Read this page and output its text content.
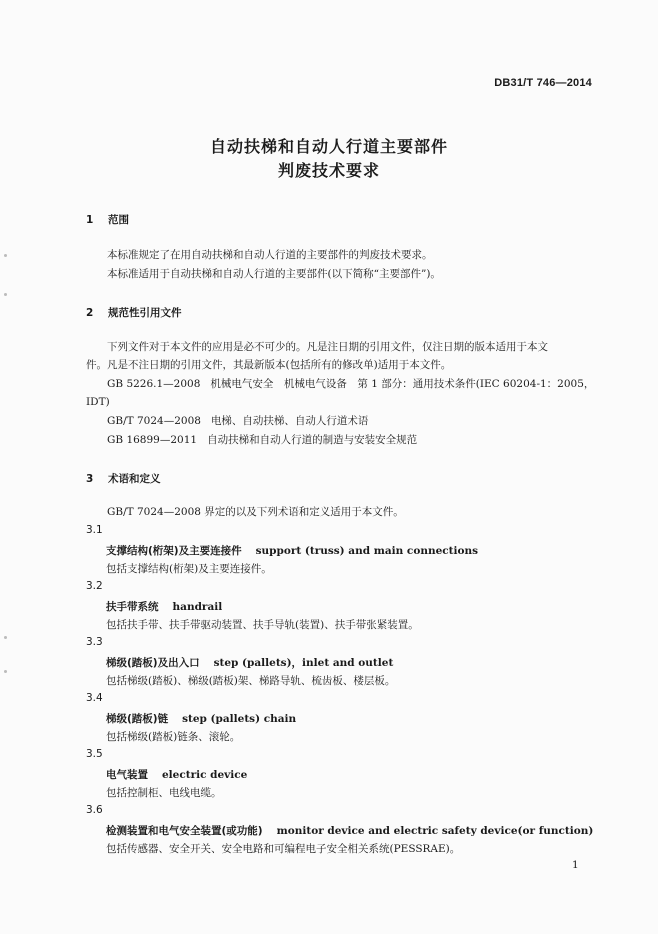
DB31/T 746—2014
自动扶梯和自动人行道主要部件
判废技术要求
1 范围
本标准规定了在用自动扶梯和自动人行道的主要部件的判废技术要求。
本标准适用于自动扶梯和自动人行道的主要部件(以下简称“主要部件”)。
2 规范性引用文件
下列文件对于本文件的应用是必不可少的。凡是注日期的引用文件，仅注日期的版本适用于本文
件。凡是不注日期的引用文件，其最新版本(包括所有的修改单)适用于本文件。
GB 5226.1—2008 机械电气安全　机械电气设备　第 1 部分：通用技术条件(IEC 60204-1：2005，
IDT)
GB/T 7024—2008 电梯、自动扶梯、自动人行道术语
GB 16899—2011 自动扶梯和自动人行道的制造与安装安全规范
3 术语和定义
GB/T 7024—2008 界定的以及下列术语和定义适用于本文件。
3.1
支撑结构(桁架)及主要连接件 support (truss) and main connections
包括支撑结构(桁架)及主要连接件。
3.2
扶手带系统 handrail
包括扶手带、扶手带驱动装置、扶手导轨(装置)、扶手带张紧装置。
3.3
梯级(踏板)及出入口 step (pallets)，inlet and outlet
包括梯级(踏板)、梯级(踏板)架、梯路导轨、梳齿板、楼层板。
3.4
梯级(踏板)链 step (pallets) chain
包括梯级(踏板)链条、滚轮。
3.5
电气装置 electric device
包括控制柜、电线电缆。
3.6
检测装置和电气安全装置(或功能) monitor device and electric safety device(or function)
包括传感器、安全开关、安全电路和可编程电子安全相关系统(PESSRAE)。
1
